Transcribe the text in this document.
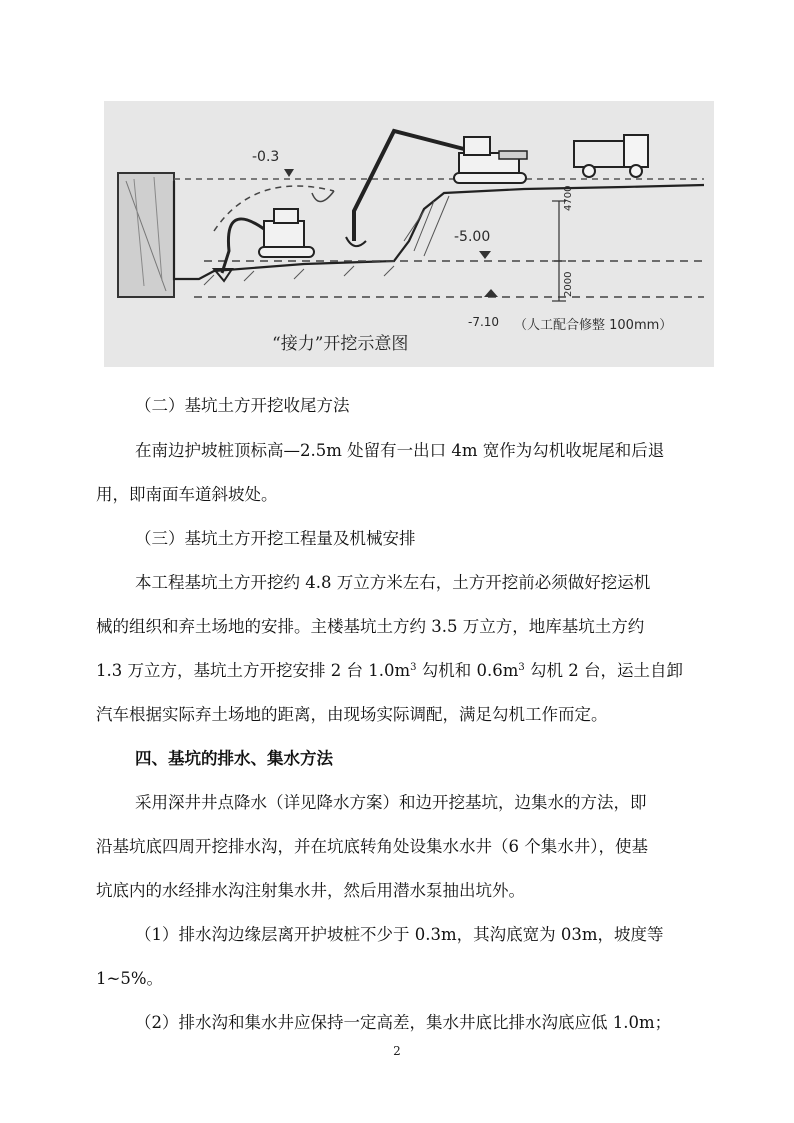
-0.3
-5.00
4700
2000
-7.10 （人工配合修整 100mm）
“接力”开挖示意图
（二）基坑土方开挖收尾方法
在南边护坡桩顶标高—2.5m 处留有一出口 4m 宽作为勾机收坭尾和后退
用，即南面车道斜坡处。
（三）基坑土方开挖工程量及机械安排
本工程基坑土方开挖约 4.8 万立方米左右，土方开挖前必须做好挖运机
械的组织和弃土场地的安排。主楼基坑土方约 3.5 万立方，地库基坑土方约
1.3 万立方，基坑土方开挖安排 2 台 $1.0m^3$ 勾机和 $0.6m^3$ 勾机 2 台，运土自卸
汽车根据实际弃土场地的距离，由现场实际调配，满足勾机工作而定。
四、基坑的排水、集水方法
采用深井井点降水（详见降水方案）和边开挖基坑，边集水的方法，即
沿基坑底四周开挖排水沟，并在坑底转角处设集水水井（6 个集水井），使基
坑底内的水经排水沟注射集水井，然后用潜水泵抽出坑外。
（1）排水沟边缘层离开护坡桩不少于 0.3m，其沟底宽为 03m，坡度等
1~5%。
（2）排水沟和集水井应保持一定高差，集水井底比排水沟底应低 1.0m；
2
